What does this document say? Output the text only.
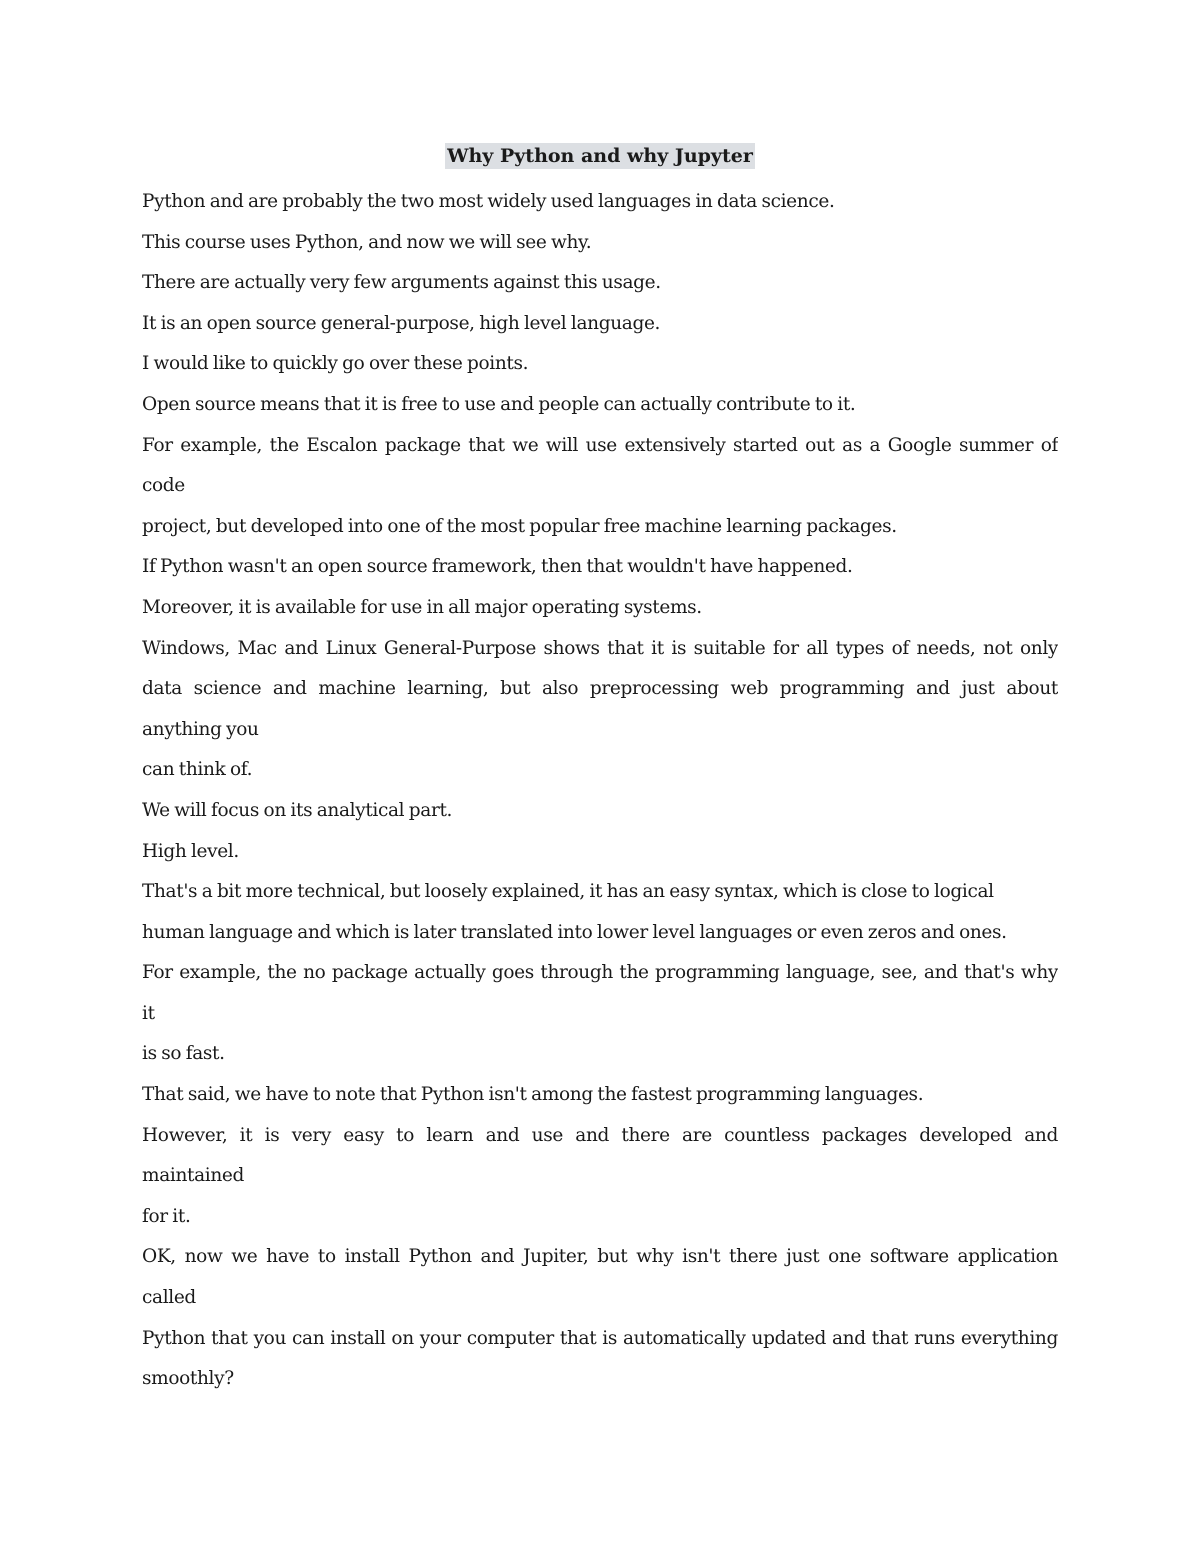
Why Python and why Jupyter
Python and are probably the two most widely used languages in data science.
This course uses Python, and now we will see why.
There are actually very few arguments against this usage.
It is an open source general-purpose, high level language.
I would like to quickly go over these points.
Open source means that it is free to use and people can actually contribute to it.
For example, the Escalon package that we will use extensively started out as a Google summer of
code
project, but developed into one of the most popular free machine learning packages.
If Python wasn't an open source framework, then that wouldn't have happened.
Moreover, it is available for use in all major operating systems.
Windows, Mac and Linux General-Purpose shows that it is suitable for all types of needs, not only
data science and machine learning, but also preprocessing web programming and just about
anything you
can think of.
We will focus on its analytical part.
High level.
That's a bit more technical, but loosely explained, it has an easy syntax, which is close to logical
human language and which is later translated into lower level languages or even zeros and ones.
For example, the no package actually goes through the programming language, see, and that's why
it
is so fast.
That said, we have to note that Python isn't among the fastest programming languages.
However, it is very easy to learn and use and there are countless packages developed and
maintained
for it.
OK, now we have to install Python and Jupiter, but why isn't there just one software application
called
Python that you can install on your computer that is automatically updated and that runs everything
smoothly?
